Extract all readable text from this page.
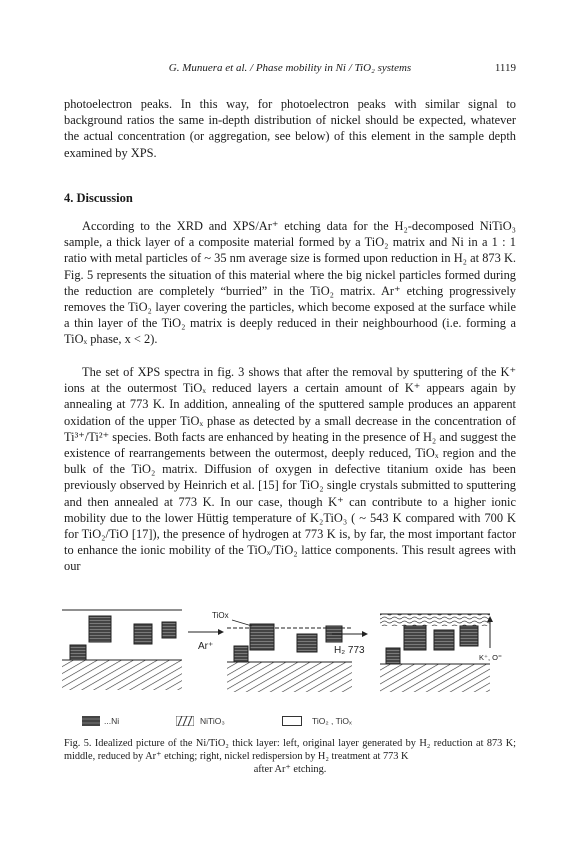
G. Munuera et al. / Phase mobility in Ni / TiO₂ systems	1119

photoelectron peaks. In this way, for photoelectron peaks with similar signal to background ratios the same in-depth distribution of nickel should be expected, whatever the actual concentration (or aggregation, see below) of this element in the sample depth examined by XPS.

4. Discussion

According to the XRD and XPS/Ar⁺ etching data for the H₂-decomposed NiTiO₃ sample, a thick layer of a composite material formed by a TiO₂ matrix and Ni in a 1 : 1 ratio with metal particles of ~ 35 nm average size is formed upon reduction in H₂ at 873 K. Fig. 5 represents the situation of this material where the big nickel particles formed during the reduction are completely “burried” in the TiO₂ matrix. Ar⁺ etching progressively removes the TiO₂ layer covering the particles, which become exposed at the surface while a thin layer of the TiO₂ matrix is deeply reduced in their neighbourhood (i.e. forming a TiOₓ phase, x < 2).

The set of XPS spectra in fig. 3 shows that after the removal by sputtering of the K⁺ ions at the outermost TiOₓ reduced layers a certain amount of K⁺ appears again by annealing at 773 K. In addition, annealing of the sputtered sample produces an apparent oxidation of the upper TiOₓ phase as detected by a small decrease in the concentration of Ti³⁺/Ti²⁺ species. Both facts are enhanced by heating in the presence of H₂ and suggest the existence of rearrangements between the outermost, deeply reduced, TiOₓ region and the bulk of the TiO₂ matrix. Diffusion of oxygen in defective titanium oxide has been previously observed by Heinrich et al. [15] for TiO₂ single crystals submitted to sputtering and then annealed at 773 K. In our case, though K⁺ can contribute to a higher ionic mobility due to the lower Hüttig temperature of K₂TiO₃ ( ~ 543 K compared with 700 K for TiO₂/TiO [17]), the presence of hydrogen at 773 K is, by far, the most important factor to enhance the ionic mobility of the TiOₓ/TiO₂ lattice components. This result agrees with our

Ar⁺
TiOx
H₂ 773
K⁺, O⁼
...Ni	NiTiO₃	TiO₂ , TiOₓ

Fig. 5. Idealized picture of the Ni/TiO₂ thick layer: left, original layer generated by H₂ reduction at 873 K; middle, reduced by Ar⁺ etching; right, nickel redispersion by H₂ treatment at 773 K
after Ar⁺ etching.
